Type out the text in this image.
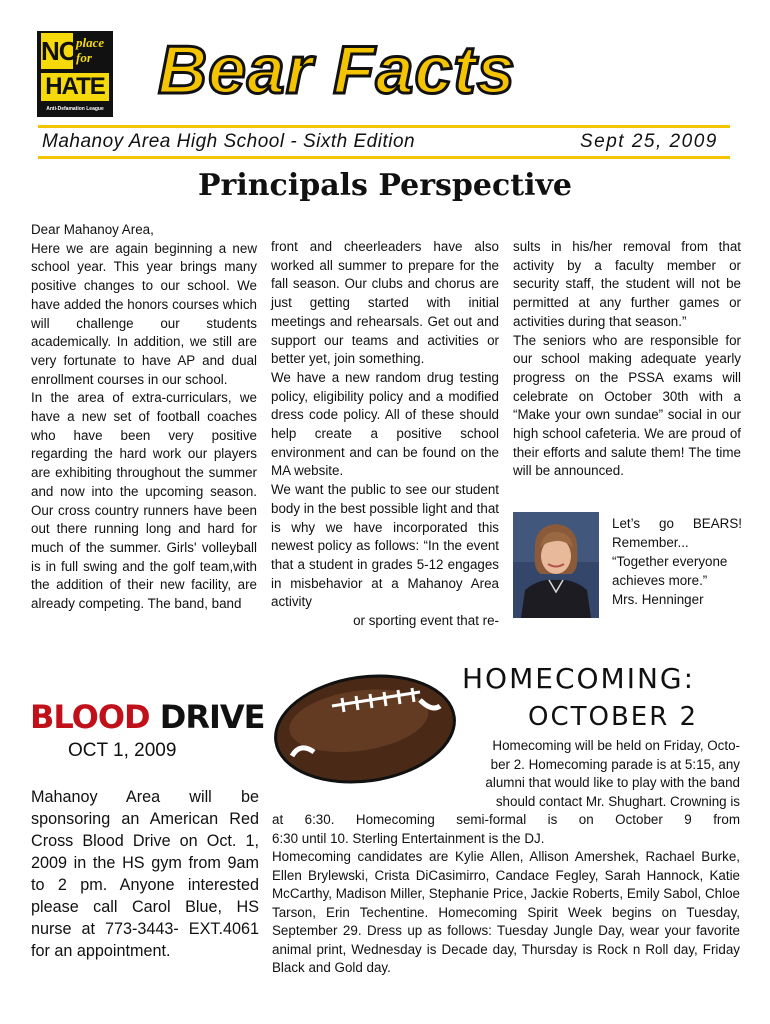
NO
place for
HATE
Anti-Defamation League
Bear Facts
Mahanoy Area High School - Sixth Edition	Sept 25, 2009
Principals Perspective

Dear Mahanoy Area,

Here we are again beginning a new school year. This year brings many positive changes to our school. We have added the honors courses which will challenge our students academically. In addition, we still are very fortunate to have AP and dual enrollment courses in our school.

In the area of extra-curriculars, we have a new set of football coaches who have been very positive regarding the hard work our players are exhibiting throughout the summer and now into the upcoming season. Our cross country runners have been out there running long and hard for much of the summer. Girls' volleyball is in full swing and the golf team,with the addition of their new facility, are already competing. The band, band

front and cheerleaders have also worked all summer to prepare for the fall season. Our clubs and chorus are just getting started with initial meetings and rehearsals. Get out and support our teams and activities or better yet, join something.

We have a new random drug testing policy, eligibility policy and a modified dress code policy. All of these should help create a positive school environment and can be found on the MA website.

We want the public to see our student body in the best possible light and that is why we have incorporated this newest policy as follows: “In the event that a student in grades 5-12 engages in misbehavior at a Mahanoy Area activity

or sporting event that re-

sults in his/her removal from that activity by a faculty member or security staff, the student will not be permitted at any further games or activities during that season.”

The seniors who are responsible for our school making adequate yearly progress on the PSSA exams will celebrate on October 30th with a “Make your own sundae” social in our high school cafeteria. We are proud of their efforts and salute them! The time will be announced.

Let’s go BEARS!

Remember...

“Together everyone achieves more.”

Mrs. Henninger

BLOOD DRIVE
OCT 1, 2009
Mahanoy Area will be sponsoring an American Red Cross Blood Drive on Oct. 1, 2009 in the HS gym from 9am to 2 pm. Anyone interested please call Carol Blue, HS nurse at 773-3443- EXT.4061 for an appointment.
HOMECOMING:
OCTOBER 2
Homecoming will be held on Friday, Octo-
ber 2. Homecoming parade is at 5:15, any
alumni that would like to play with the band
should contact Mr. Shughart. Crowning is
at 6:30. Homecoming semi-formal is on October 9 from
6:30 until 10. Sterling Entertainment is the DJ.

Homecoming candidates are Kylie Allen, Allison Amershek, Rachael Burke, Ellen Brylewski, Crista DiCasimirro, Candace Fegley, Sarah Hannock, Katie McCarthy, Madison Miller, Stephanie Price, Jackie Roberts, Emily Sabol, Chloe Tarson, Erin Techentine. Homecoming Spirit Week begins on Tuesday, September 29. Dress up as follows: Tuesday Jungle Day, wear your favorite animal print, Wednesday is Decade day, Thursday is Rock n Roll day, Friday Black and Gold day.
